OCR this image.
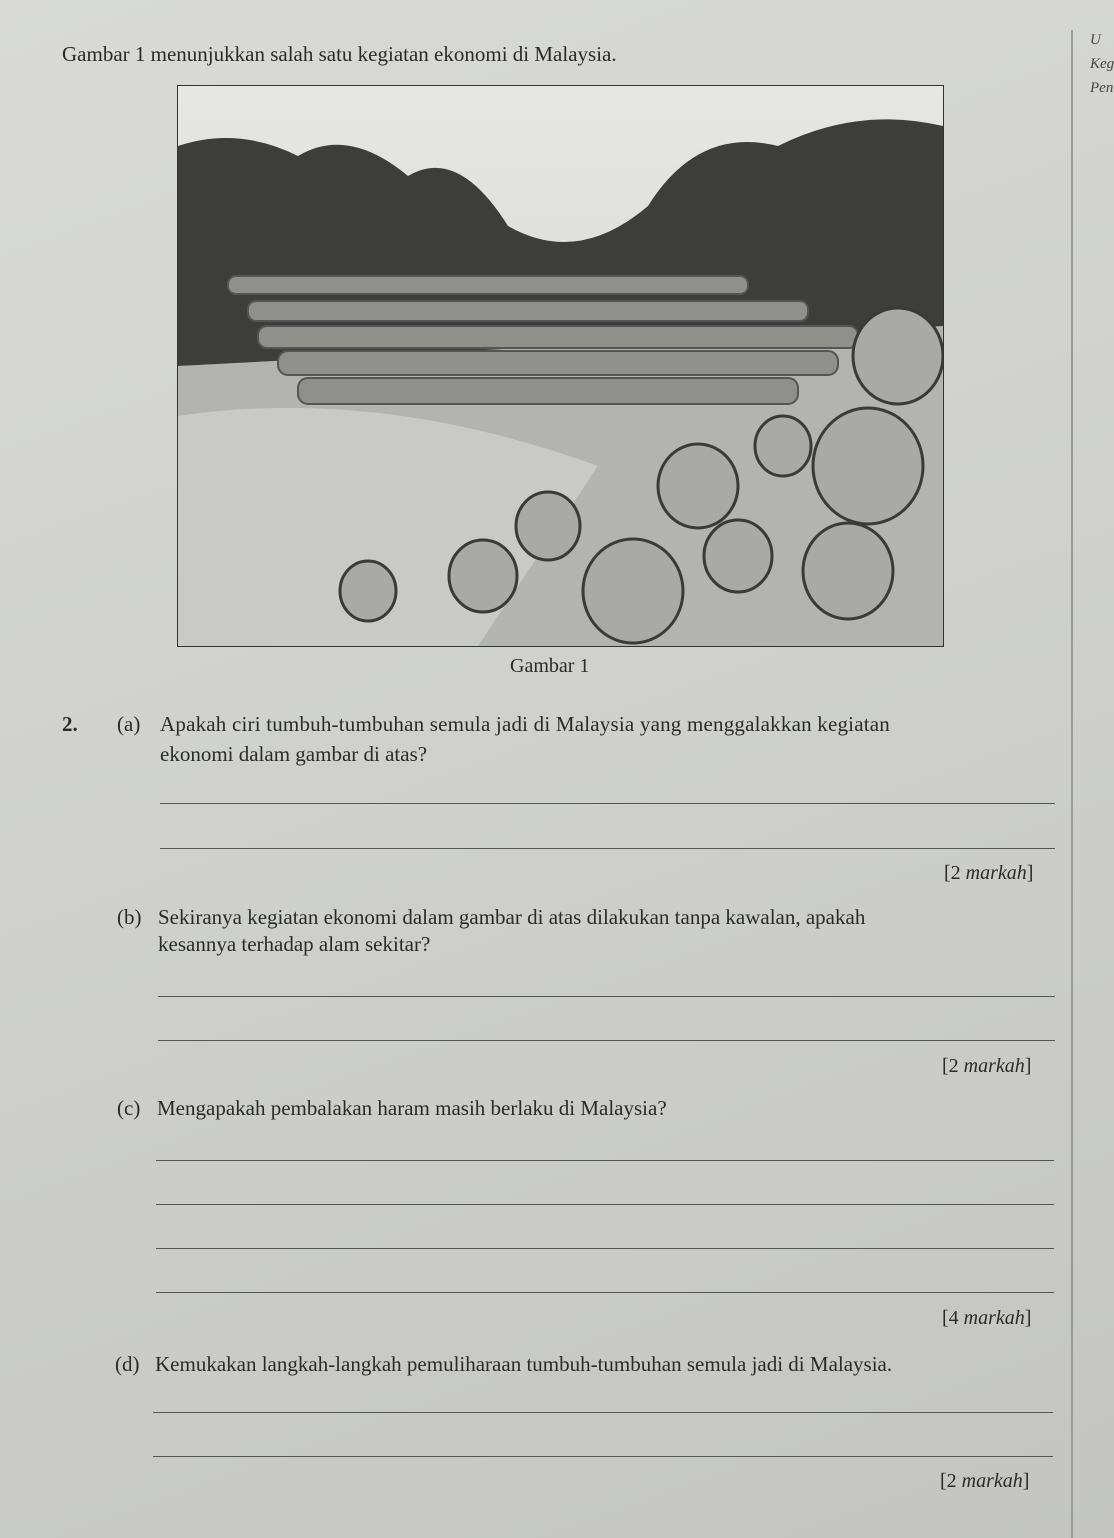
U
Keg
Pen
Gambar 1 menunjukkan salah satu kegiatan ekonomi di Malaysia.
Gambar 1
2. (a) Apakah ciri tumbuh-tumbuhan semula jadi di Malaysia yang menggalakkan kegiatan
ekonomi dalam gambar di atas?
[2 markah]
(b) Sekiranya kegiatan ekonomi dalam gambar di atas dilakukan tanpa kawalan, apakah
kesannya terhadap alam sekitar?
[2 markah]
(c) Mengapakah pembalakan haram masih berlaku di Malaysia?
[4 markah]
(d) Kemukakan langkah-langkah pemuliharaan tumbuh-tumbuhan semula jadi di Malaysia.
[2 markah]
